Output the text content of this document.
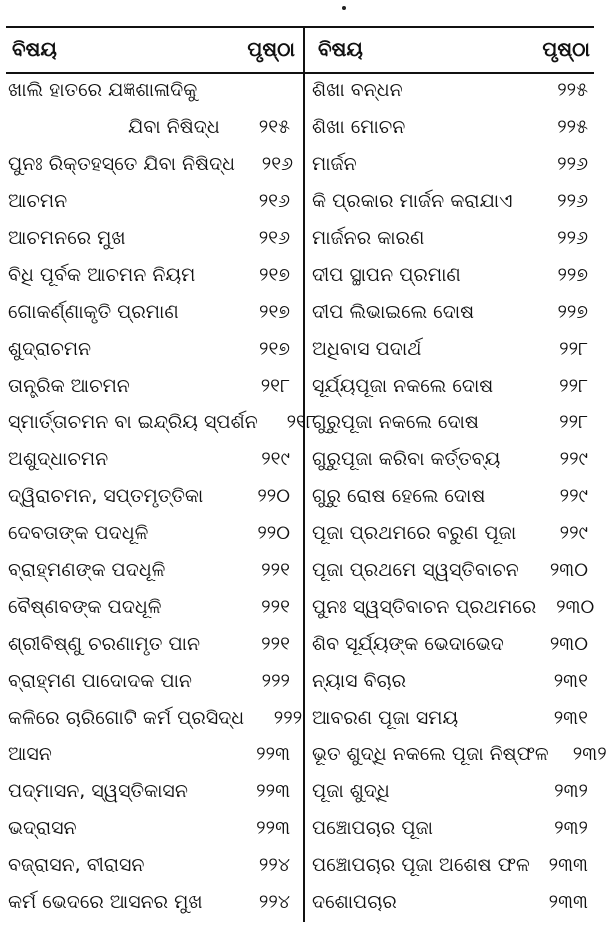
ବିଷୟ	ପୃଷ୍ଠା ବିଷୟ	ପୃଷ୍ଠା
ଖାଲି ହାତରେ ଯଜ୍ଞଶାଳାଦିକୁ
ଯିବା ନିଷିଦ୍ଧ	୨୧୫
ପୁନଃ ରିକ୍ତହସ୍ତେ ଯିବା ନିଷିଦ୍ଧ	୨୧୬
ଆଚମନ	୨୧୬
ଆଚମନରେ ମୁଖ	୨୧୬
ବିଧି ପୂର୍ବକ ଆଚମନ ନିୟମ	୨୧୭
ଗୋକର୍ଣ୍ଣାକୃତି ପ୍ରମାଣ	୨୧୭
ଶୁଦ୍ରାଚମନ	୨୧୭
ତାନ୍ତ୍ରିକ ଆଚମନ	୨୧୮
ସ୍ମାର୍ତ୍ତାଚମନ ବା ଇନ୍ଦ୍ରିୟ ସ୍ପର୍ଶନ	୨୧୮
ଅଶୁଦ୍ଧାଚମନ	୨୧୯
ଦ୍ୱିରାଚମନ, ସପ୍ତମୃତ୍ତିକା	୨୨୦
ଦେବତାଙ୍କ ପଦଧୂଳି	୨୨୦
ବ୍ରାହ୍ମଣଙ୍କ ପଦଧୂଳି	୨୨୧
ବୈଷ୍ଣବଙ୍କ ପଦଧୂଳି	୨୨୧
ଶ୍ରୀବିଷ୍ଣୁ ଚରଣାମୃତ ପାନ	୨୨୧
ବ୍ରାହ୍ମଣ ପାଦୋଦକ ପାନ	୨୨୨
କଳିରେ ଚାରିଗୋଟି କର୍ମ ପ୍ରସିଦ୍ଧ	୨୨୨
ଆସନ	୨୨୩
ପଦ୍ମାସନ, ସ୍ୱସ୍ତିକାସନ	୨୨୩
ଭଦ୍ରାସନ	୨୨୩
ବଜ୍ରାସନ, ବୀରାସନ	୨୨୪
କର୍ମ ଭେଦରେ ଆସନର ମୁଖ	୨୨୪
ଶିଖା ବନ୍ଧନ	୨୨୫
ଶିଖା ମୋଚନ	୨୨୫
ମାର୍ଜନ	୨୨୬
କି ପ୍ରକାର ମାର୍ଜନ କରାଯାଏ	୨୨୬
ମାର୍ଜନର କାରଣ	୨୨୬
ଦୀପ ସ୍ଥାପନ ପ୍ରମାଣ	୨୨୭
ଦୀପ ଲିଭାଇଲେ ଦୋଷ	୨୨୭
ଅଧିବାସ ପଦାର୍ଥ	୨୨୮
ସୂର୍ଯ୍ୟପୂଜା ନକଲେ ଦୋଷ	୨୨୮
ଗୁରୁପୂଜା ନକଲେ ଦୋଷ	୨୨୮
ଗୁରୁପୂଜା କରିବା କର୍ତ୍ତବ୍ୟ	୨୨୯
ଗୁରୁ ରୋଷ ହେଲେ ଦୋଷ	୨୨୯
ପୂଜା ପ୍ରଥମରେ ବରୁଣ ପୂଜା	୨୨୯
ପୂଜା ପ୍ରଥମେ ସ୍ୱସ୍ତିବାଚନ	୨୩୦
ପୁନଃ ସ୍ୱସ୍ତିବାଚନ ପ୍ରଥମରେ	୨୩୦
ଶିବ ସୂର୍ଯ୍ୟଙ୍କ ଭେଦାଭେଦ	୨୩୦
ନ୍ୟାସ ବିଚାର	୨୩୧
ଆବରଣ ପୂଜା ସମୟ	୨୩୧
ଭୂତ ଶୁଦ୍ଧି ନକଲେ ପୂଜା ନିଷ୍ଫଳ	୨୩୨
ପୂଜା ଶୁଦ୍ଧି	୨୩୨
ପଞ୍ଚୋପଚାର ପୂଜା	୨୩୨
ପଞ୍ଚୋପଚାର ପୂଜା ଅଶେଷ ଫଳ ୨୩୩
ଦଶୋପଚାର	୨୩୩
